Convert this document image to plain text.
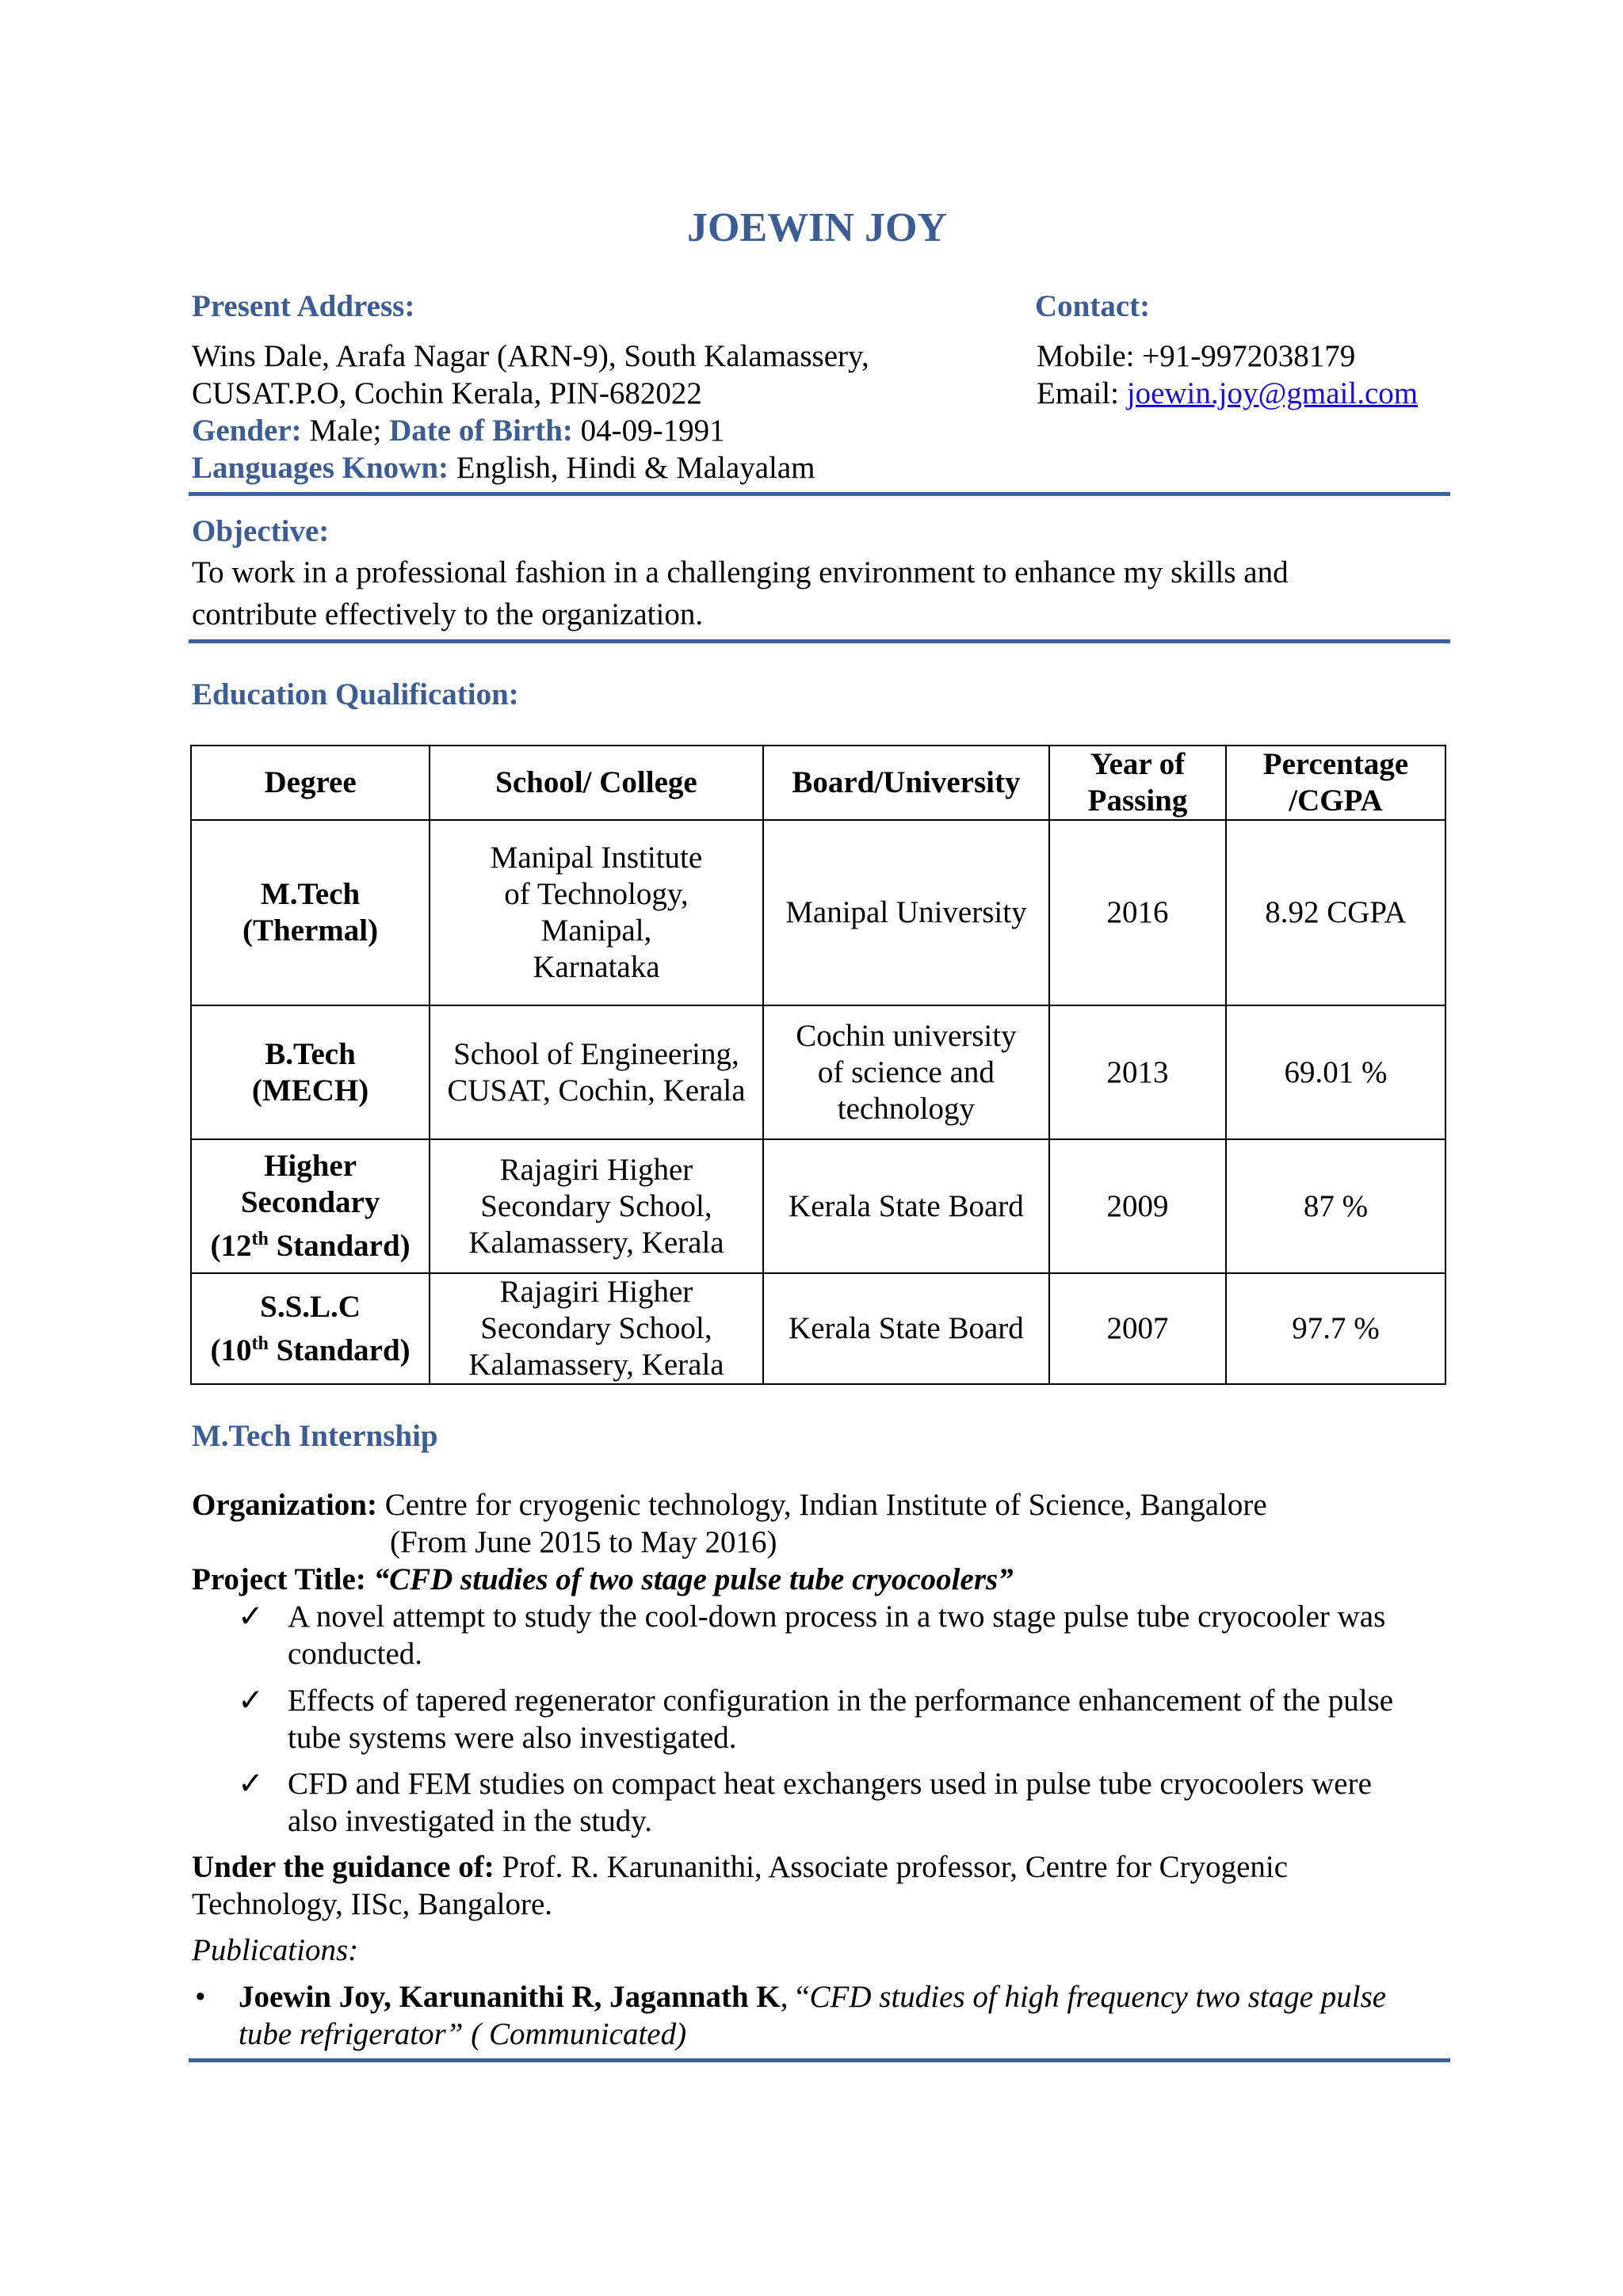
JOEWIN JOY
Present Address:
Wins Dale, Arafa Nagar (ARN-9), South Kalamassery,
CUSAT.P.O, Cochin Kerala, PIN-682022
Gender: Male; Date of Birth: 04-09-1991
Languages Known: English, Hindi & Malayalam
Contact:
Mobile: +91-9972038179
Email: joewin.joy@gmail.com
Objective:
To work in a professional fashion in a challenging environment to enhance my skills and
contribute effectively to the organization.
Education Qualification:
Degree	School/ College	Board/University	Year of Passing	Percentage /CGPA
M.Tech (Thermal)	Manipal Institute of Technology, Manipal, Karnataka	Manipal University	2016	8.92 CGPA
B.Tech (MECH)	School of Engineering, CUSAT, Cochin, Kerala	Cochin university of science and technology	2013	69.01 %
Higher
Secondary
(12th Standard)	Rajagiri Higher Secondary School, Kalamassery, Kerala	Kerala State Board	2009	87 %
S.S.L.C
(10th Standard)	Rajagiri Higher Secondary School, Kalamassery, Kerala	Kerala State Board	2007	97.7 %
M.Tech Internship
Organization: Centre for cryogenic technology, Indian Institute of Science, Bangalore
(From June 2015 to May 2016)
Project Title: “CFD studies of two stage pulse tube cryocoolers”
✓ A novel attempt to study the cool-down process in a two stage pulse tube cryocooler was
conducted.
✓ Effects of tapered regenerator configuration in the performance enhancement of the pulse
tube systems were also investigated.
✓ CFD and FEM studies on compact heat exchangers used in pulse tube cryocoolers were
also investigated in the study.
Under the guidance of: Prof. R. Karunanithi, Associate professor, Centre for Cryogenic
Technology, IISc, Bangalore.
Publications:
• Joewin Joy, Karunanithi R, Jagannath K, “CFD studies of high frequency two stage pulse
tube refrigerator” ( Communicated)
